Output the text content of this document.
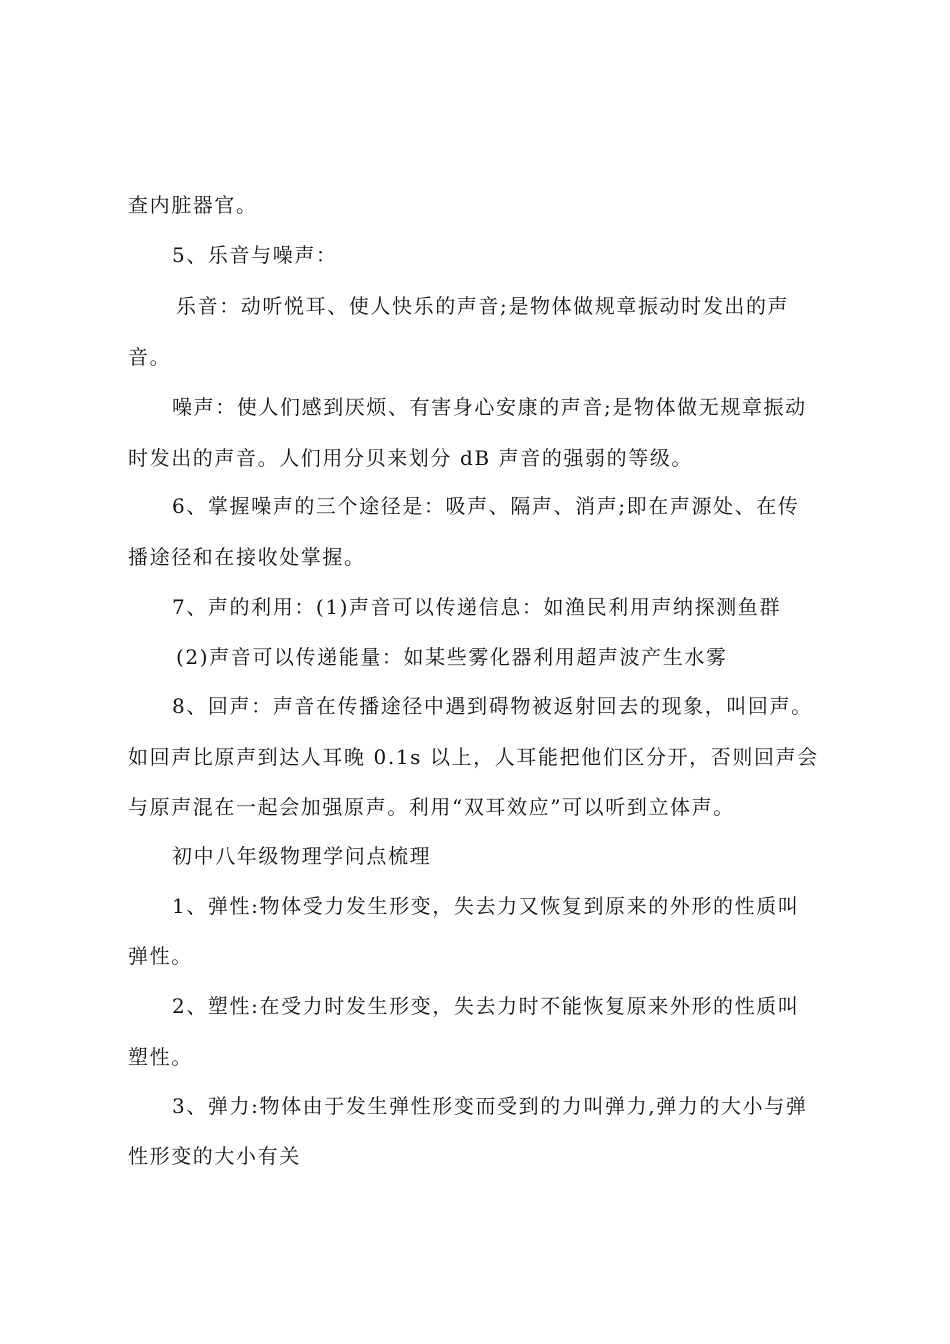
查内脏器官。
5、乐音与噪声：
乐音：动听悦耳、使人快乐的声音;是物体做规章振动时发出的声
音。
噪声：使人们感到厌烦、有害身心安康的声音;是物体做无规章振动
时发出的声音。人们用分贝来划分 dB 声音的强弱的等级。
6、掌握噪声的三个途径是：吸声、隔声、消声;即在声源处、在传
播途径和在接收处掌握。
7、声的利用：(1)声音可以传递信息：如渔民利用声纳探测鱼群
(2)声音可以传递能量：如某些雾化器利用超声波产生水雾
8、回声：声音在传播途径中遇到碍物被返射回去的现象，叫回声。
如回声比原声到达人耳晚 0.1s 以上，人耳能把他们区分开，否则回声会
与原声混在一起会加强原声。利用“双耳效应”可以听到立体声。
初中八年级物理学问点梳理
1、弹性:物体受力发生形变，失去力又恢复到原来的外形的性质叫
弹性。
2、塑性:在受力时发生形变，失去力时不能恢复原来外形的性质叫
塑性。
3、弹力:物体由于发生弹性形变而受到的力叫弹力,弹力的大小与弹
性形变的大小有关
